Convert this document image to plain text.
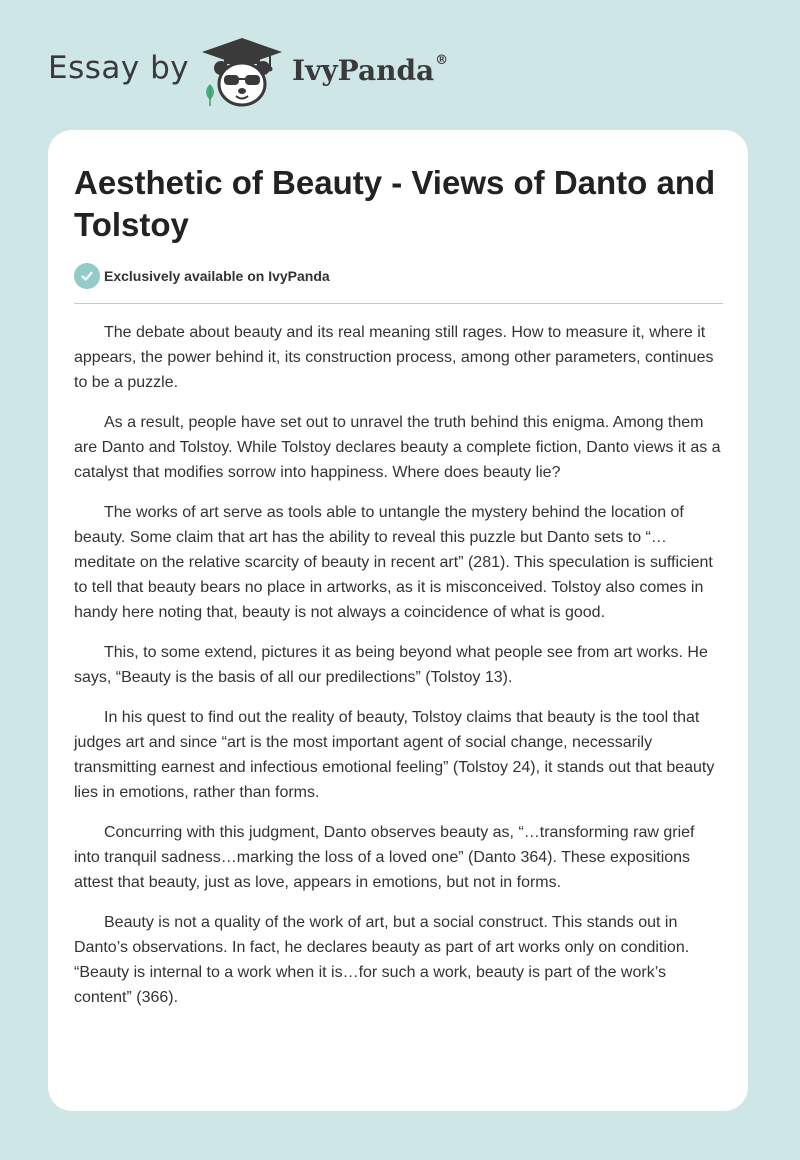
Essay by	IvyPanda®
Aesthetic of Beauty - Views of Danto and Tolstoy
Exclusively available on IvyPanda

The debate about beauty and its real meaning still rages. How to measure it, where it appears, the power behind it, its construction process, among other parameters, continues to be a puzzle.

As a result, people have set out to unravel the truth behind this enigma. Among them are Danto and Tolstoy. While Tolstoy declares beauty a complete fiction, Danto views it as a catalyst that modifies sorrow into happiness. Where does beauty lie?

The works of art serve as tools able to untangle the mystery behind the location of beauty. Some claim that art has the ability to reveal this puzzle but Danto sets to “…meditate on the relative scarcity of beauty in recent art” (281). This speculation is sufficient to tell that beauty bears no place in artworks, as it is misconceived. Tolstoy also comes in handy here noting that, beauty is not always a coincidence of what is good.

This, to some extend, pictures it as being beyond what people see from art works. He says, “Beauty is the basis of all our predilections” (Tolstoy 13).

In his quest to find out the reality of beauty, Tolstoy claims that beauty is the tool that judges art and since “art is the most important agent of social change, necessarily transmitting earnest and infectious emotional feeling” (Tolstoy 24), it stands out that beauty lies in emotions, rather than forms.

Concurring with this judgment, Danto observes beauty as, “…transforming raw grief into tranquil sadness…marking the loss of a loved one” (Danto 364). These expositions attest that beauty, just as love, appears in emotions, but not in forms.

Beauty is not a quality of the work of art, but a social construct. This stands out in Danto’s observations. In fact, he declares beauty as part of art works only on condition. “Beauty is internal to a work when it is…for such a work, beauty is part of the work’s content” (366).
